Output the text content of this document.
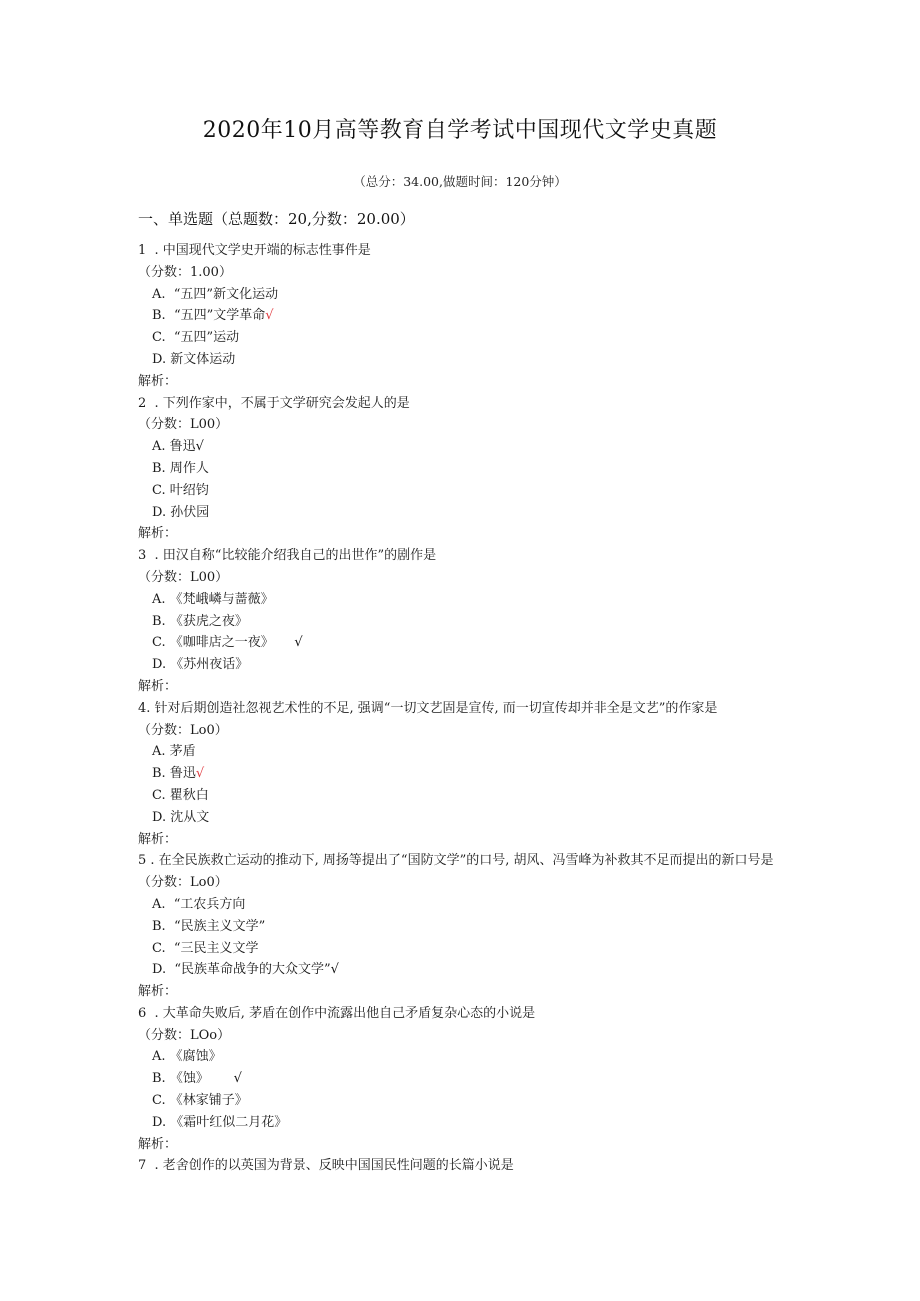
2020年10月高等教育自学考试中国现代文学史真题
（总分：34.00,做题时间：120分钟）
一、单选题（总题数：20,分数：20.00）
1  . 中国现代文学史开端的标志性事件是
（分数：1.00）
A.  “五四”新文化运动
B.  “五四”文学革命√
C.  “五四”运动
D. 新文体运动
解析：
2  . 下列作家中，不属于文学研究会发起人的是
（分数：L00）
A. 鲁迅√
B. 周作人
C. 叶绍钧
D. 孙伏园
解析：
3  . 田汉自称“比较能介绍我自己的出世作”的剧作是
（分数：L00）
A. 《梵峨嶙与蔷薇》
B. 《获虎之夜》
C. 《咖啡店之一夜》     √
D. 《苏州夜话》
解析：
4. 针对后期创造社忽视艺术性的不足, 强调“一切文艺固是宣传, 而一切宣传却并非全是文艺”的作家是
（分数：Lo0）
A. 茅盾
B. 鲁迅√
C. 瞿秋白
D. 沈从文
解析：
5 . 在全民族救亡运动的推动下, 周扬等提出了“国防文学”的口号, 胡风、冯雪峰为补救其不足而提出的新口号是
（分数：Lo0）
A.  “工农兵方向
B.  “民族主义文学”
C.  “三民主义文学
D.  “民族革命战争的大众文学”√
解析：
6  . 大革命失败后, 茅盾在创作中流露出他自己矛盾复杂心态的小说是
（分数：LOo）
A. 《腐蚀》
B. 《蚀》      √
C. 《林家铺子》
D. 《霜叶红似二月花》
解析：
7  . 老舍创作的以英国为背景、反映中国国民性问题的长篇小说是
